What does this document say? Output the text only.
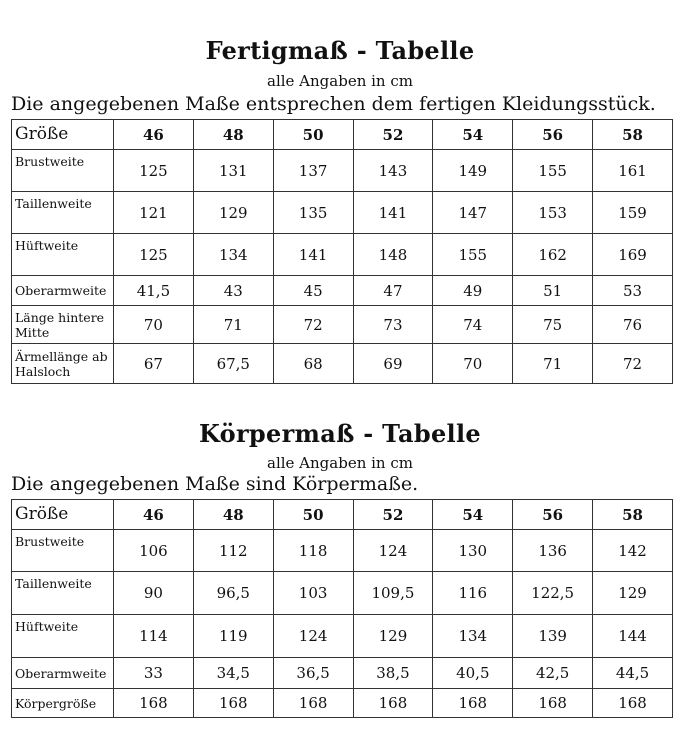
Fertigmaß - Tabelle
alle Angaben in cm
Die angegebenen Maße entsprechen dem fertigen Kleidungsstück.
Größe	46	48	50	52	54	56	58
Brustweite	125	131	137	143	149	155	161
Taillenweite	121	129	135	141	147	153	159
Hüftweite	125	134	141	148	155	162	169
Oberarmweite	41,5	43	45	47	49	51	53
Länge hintere Mitte	70	71	72	73	74	75	76
Ärmellänge ab Halsloch	67	67,5	68	69	70	71	72
Körpermaß - Tabelle
alle Angaben in cm
Die angegebenen Maße sind Körpermaße.
Größe	46	48	50	52	54	56	58
Brustweite	106	112	118	124	130	136	142
Taillenweite	90	96,5	103	109,5	116	122,5	129
Hüftweite	114	119	124	129	134	139	144
Oberarmweite	33	34,5	36,5	38,5	40,5	42,5	44,5
Körpergröße	168	168	168	168	168	168	168
